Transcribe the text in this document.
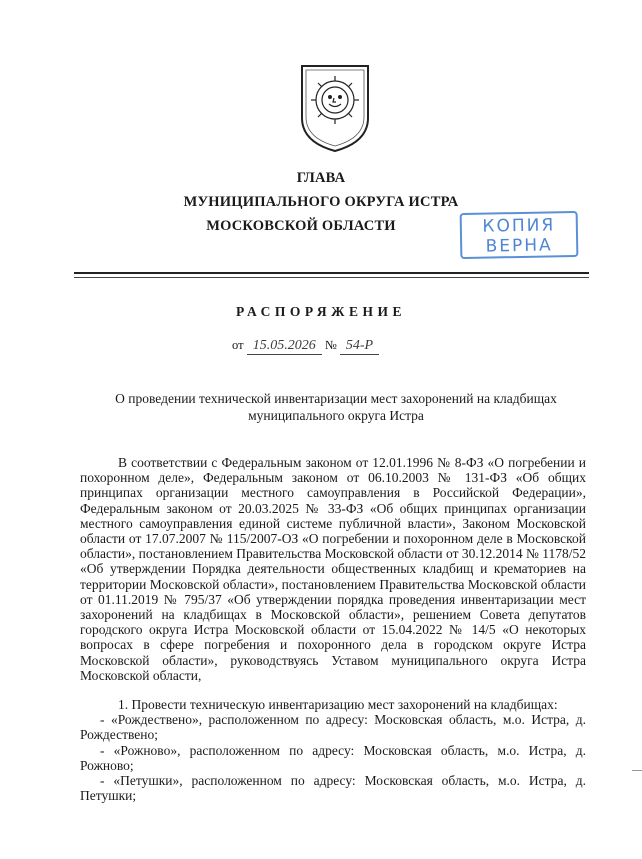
ГЛАВА
МУНИЦИПАЛЬНОГО ОКРУГА ИСТРА
МОСКОВСКОЙ ОБЛАСТИ	КОПИЯ
ВЕРНА
РАСПОРЯЖЕНИЕ
от 15.05.2026 № 54-Р
О проведении технической инвентаризации мест захоронений на кладбищах муниципального округа Истра

В соответствии с Федеральным законом от 12.01.1996 № 8-ФЗ «О погребении и похоронном деле», Федеральным законом от 06.10.2003 № 131-ФЗ «Об общих принципах организации местного самоуправления в Российской Федерации», Федеральным законом от 20.03.2025 № 33-ФЗ «Об общих принципах организации местного самоуправления единой системе публичной власти», Законом Московской области от 17.07.2007 № 115/2007-ОЗ «О погребении и похоронном деле в Московской области», постановлением Правительства Московской области от 30.12.2014 № 1178/52 «Об утверждении Порядка деятельности общественных кладбищ и крематориев на территории Московской области», постановлением Правительства Московской области от 01.11.2019 № 795/37 «Об утверждении порядка проведения инвентаризации мест захоронений на кладбищах в Московской области», решением Совета депутатов городского округа Истра Московской области от 15.04.2022 № 14/5 «О некоторых вопросах в сфере погребения и похоронного дела в городском округе Истра Московской области», руководствуясь Уставом муниципального округа Истра Московской области,

1. Провести техническую инвентаризацию мест захоронений на кладбищах:

- «Рождествено», расположенном по адресу: Московская область, м.о. Истра, д. Рождествено;

- «Рожново», расположенном по адресу: Московская область, м.о. Истра, д. Рожново;

- «Петушки», расположенном по адресу: Московская область, м.о. Истра, д. Петушки;
